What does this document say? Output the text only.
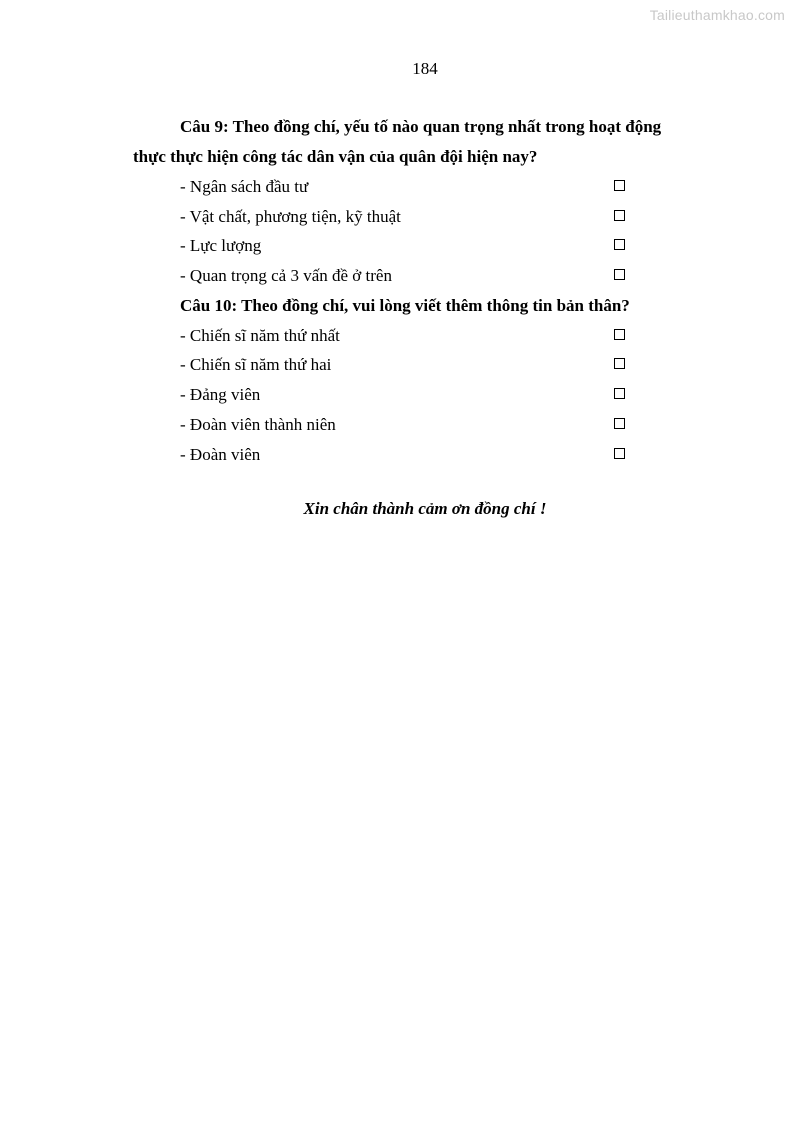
Tailieuthamkhao.com
184

Câu 9: Theo đồng chí, yếu tố nào quan trọng nhất trong hoạt động
thực thực hiện công tác dân vận của quân đội hiện nay?

- Ngân sách đầu tư
- Vật chất, phương tiện, kỹ thuật
- Lực lượng
- Quan trọng cả 3 vấn đề ở trên

Câu 10: Theo đồng chí, vui lòng viết thêm thông tin bản thân?

- Chiến sĩ năm thứ nhất
- Chiến sĩ năm thứ hai
- Đảng viên
- Đoàn viên thành niên
- Đoàn viên
Xin chân thành cảm ơn đồng chí !
